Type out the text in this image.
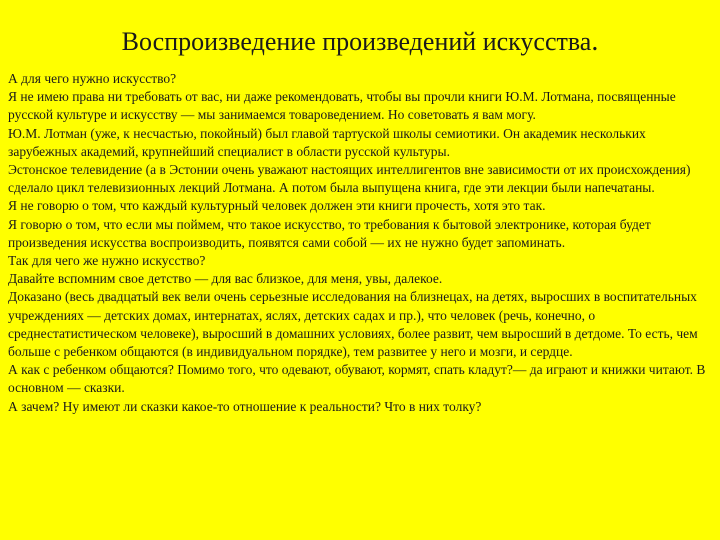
Воспроизведение произведений искусства.

А для чего нужно искусство?

Я не имею права ни требовать от вас, ни даже рекомендовать, чтобы вы прочли книги Ю.М. Лотмана, посвященные русской культуре и искусству — мы занимаемся товароведением. Но советовать я вам могу.

Ю.М. Лотман (уже, к несчастью, покойный) был главой тартуской школы семиотики. Он академик нескольких зарубежных академий, крупнейший специалист в области русской культуры.

Эстонское телевидение (а в Эстонии очень уважают настоящих интеллигентов вне зависимости от их происхождения) сделало цикл телевизионных лекций Лотмана. А потом была выпущена книга, где эти лекции были напечатаны.

Я не говорю о том, что каждый культурный человек должен эти книги прочесть, хотя это так.

Я говорю о том, что если мы поймем, что такое искусство, то требования к бытовой электронике, которая будет произведения искусства воспроизводить, появятся сами собой — их не нужно будет запоминать.

Так для чего же нужно искусство?

Давайте вспомним свое детство — для вас близкое, для меня, увы, далекое.

Доказано (весь двадцатый век вели очень серьезные исследования на близнецах, на детях, выросших в воспитательных учреждениях — детских домах, интернатах, яслях, детских садах и пр.), что человек (речь, конечно, о среднестатистическом человеке), выросший в домашних условиях, более развит, чем выросший в детдоме. То есть, чем больше с ребенком общаются (в индивидуальном порядке), тем развитее у него и мозги, и сердце.

А как с ребенком общаются? Помимо того, что одевают, обувают, кормят, спать кладут?— да играют и книжки читают. В основном — сказки.

А зачем? Ну имеют ли сказки какое-то отношение к реальности? Что в них толку?
